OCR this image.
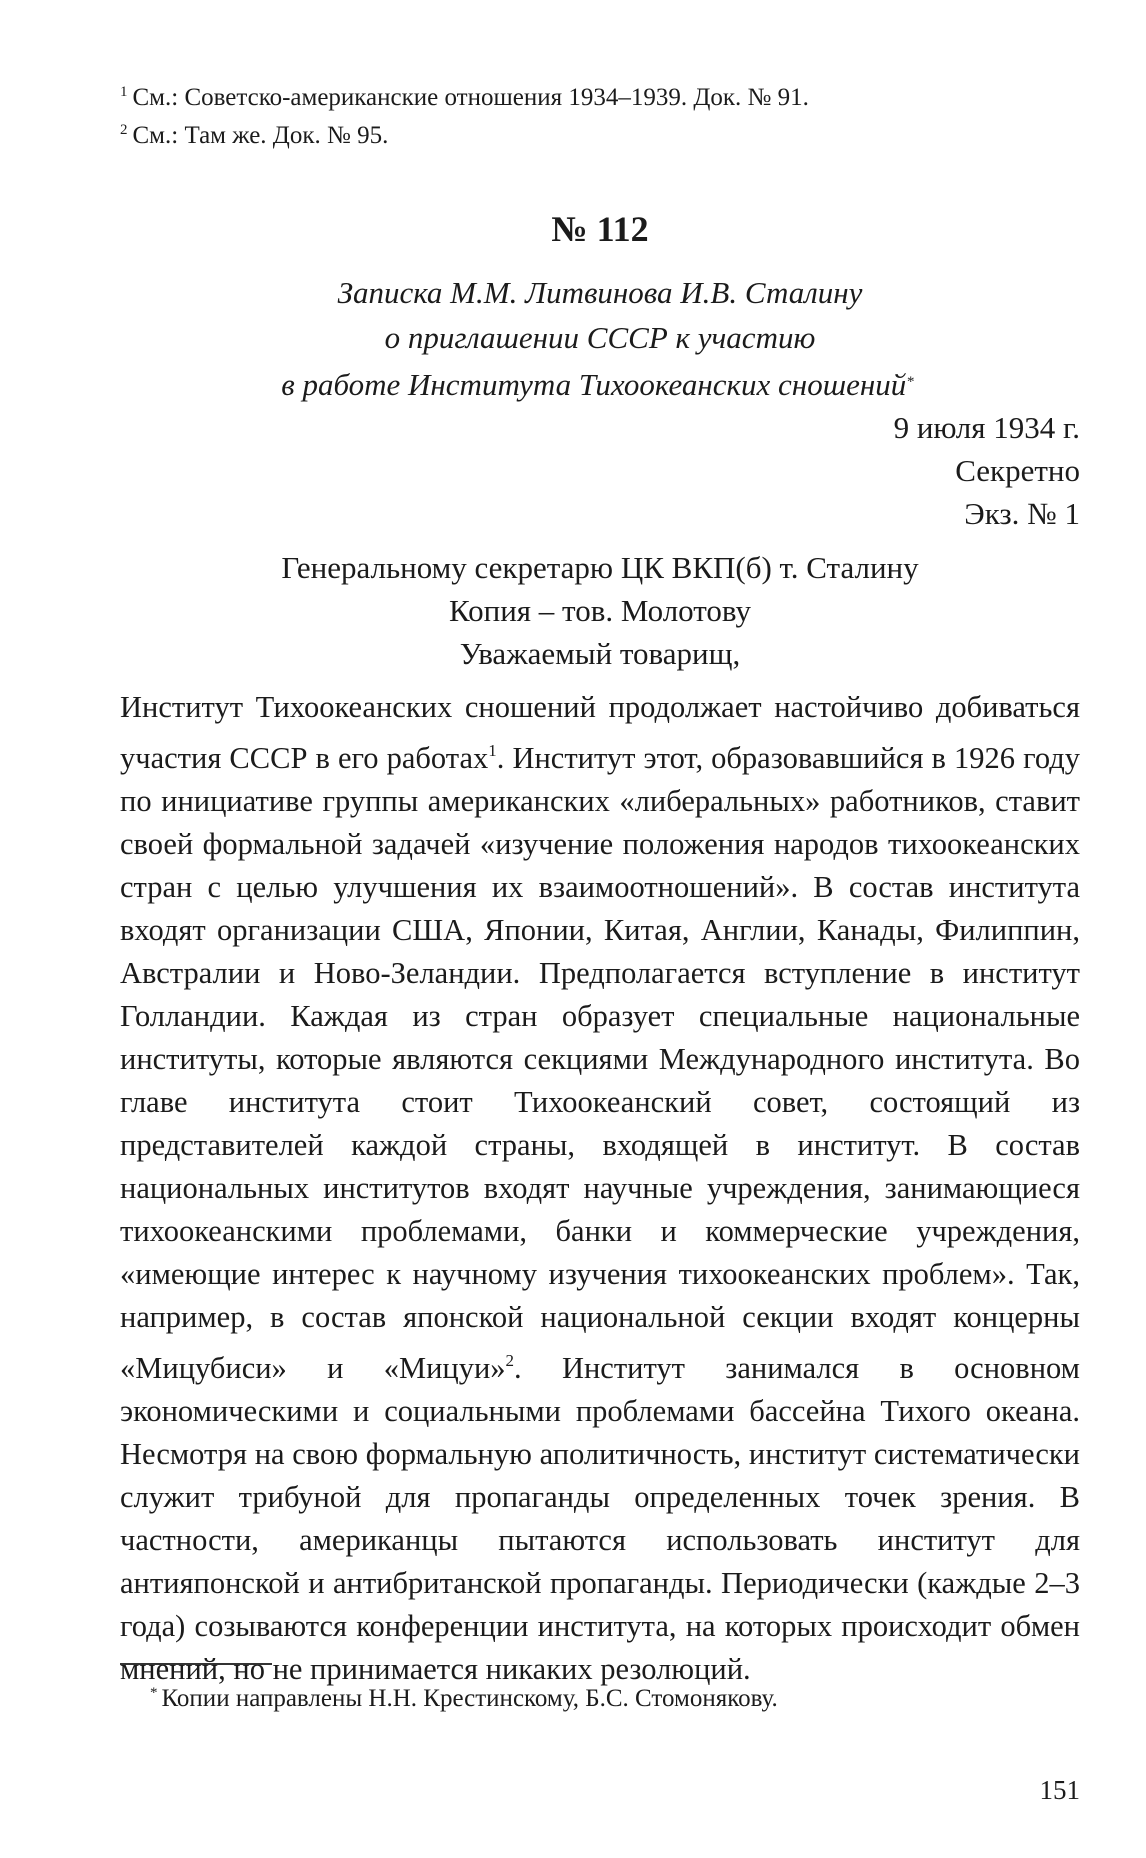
$^1$ См.: Советско-американские отношения 1934–1939. Док. № 91.
$^2$ См.: Там же. Док. № 95.
№ 112
Записка М.М. Литвинова И.В. Сталину
о приглашении СССР к участию
в работе Института Тихоокеанских сношений*
9 июля 1934 г.
Секретно
Экз. № 1
Генеральному секретарю ЦК ВКП(б) т. Сталину
Копия – тов. Молотову
Уважаемый товарищ,

Институт Тихоокеанских сношений продолжает настойчиво добиваться участия СССР в его работах$^1$. Институт этот, образовавшийся в 1926 году по инициативе группы американских «либеральных» работников, ставит своей формальной задачей «изучение положения народов тихоокеанских стран с целью улучшения их взаимоотношений». В состав института входят организации США, Японии, Китая, Англии, Канады, Филиппин, Австралии и Ново-Зеландии. Предполагается вступление в институт Голландии. Каждая из стран образует специальные национальные институты, которые являются секциями Международного института. Во главе института стоит Тихоокеанский совет, состоящий из представителей каждой страны, входящей в институт. В состав национальных институтов входят научные учреждения, занимающиеся тихоокеанскими проблемами, банки и коммерческие учреждения, «имеющие интерес к научному изучения тихоокеанских проблем». Так, например, в состав японской национальной секции входят концерны «Мицубиси» и «Мицуи»$^2$. Институт занимался в основном экономическими и социальными проблемами бассейна Тихого океана. Несмотря на свою формальную аполитичность, институт систематически служит трибуной для пропаганды определенных точек зрения. В частности, американцы пытаются использовать институт для антияпонской и антибританской пропаганды. Периодически (каждые 2–3 года) созываются конференции института, на которых происходит обмен мнений, но не принимается никаких резолюций.

* Копии направлены Н.Н. Крестинскому, Б.С. Стомонякову.
151
